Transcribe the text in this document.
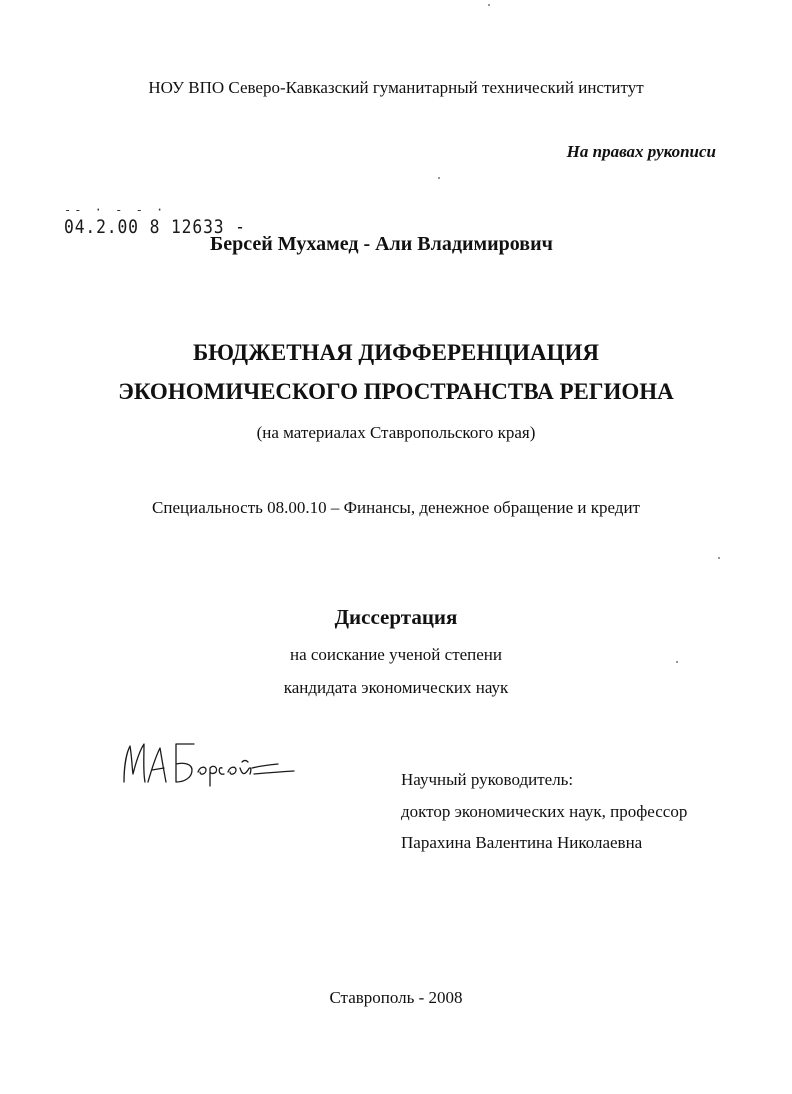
НОУ ВПО Северо-Кавказский гуманитарный технический институт
На правах рукописи
-- · - - ·
04.2.00 8 12633 -
Берсей Мухамед - Али Владимирович
БЮДЖЕТНАЯ ДИФФЕРЕНЦИАЦИЯ
ЭКОНОМИЧЕСКОГО ПРОСТРАНСТВА РЕГИОНА
(на материалах Ставропольского края)
Специальность 08.00.10 – Финансы, денежное обращение и кредит
Диссертация
на соискание ученой степени
кандидата экономических наук
Научный руководитель:
доктор экономических наук, профессор
Парахина Валентина Николаевна
Ставрополь - 2008
